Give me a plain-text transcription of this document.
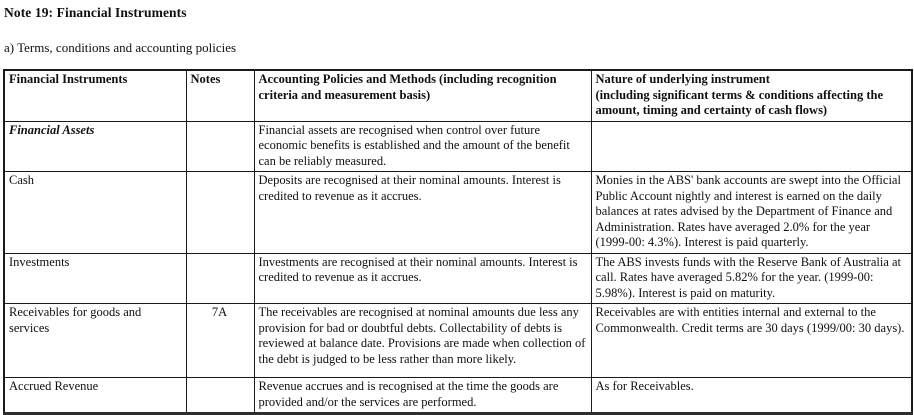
Note 19: Financial Instruments
a) Terms, conditions and accounting policies
Financial Instruments	Notes	Accounting Policies and Methods (including recognition
criteria and measurement basis)	Nature of underlying instrument
(including significant terms & conditions affecting the
amount, timing and certainty of cash flows)

Financial Assets		Financial assets are recognised when control over future economic benefits is established and the amount of the benefit can be reliably measured.	
Cash		Deposits are recognised at their nominal amounts. Interest is credited to revenue as it accrues.	Monies in the ABS' bank accounts are swept into the Official Public Account nightly and interest is earned on the daily balances at rates advised by the Department of Finance and Administration. Rates have averaged 2.0% for the year (1999-00: 4.3%). Interest is paid quarterly.
Investments		Investments are recognised at their nominal amounts. Interest is credited to revenue as it accrues.	The ABS invests funds with the Reserve Bank of Australia at call. Rates have averaged 5.82% for the year. (1999-00: 5.98%). Interest is paid on maturity.
Receivables for goods and services	7A	The receivables are recognised at nominal amounts due less any provision for bad or doubtful debts. Collectability of debts is reviewed at balance date. Provisions are made when collection of the debt is judged to be less rather than more likely.	Receivables are with entities internal and external to the Commonwealth. Credit terms are 30 days (1999/00: 30 days).
Accrued Revenue		Revenue accrues and is recognised at the time the goods are provided and/or the services are performed.	As for Receivables.
